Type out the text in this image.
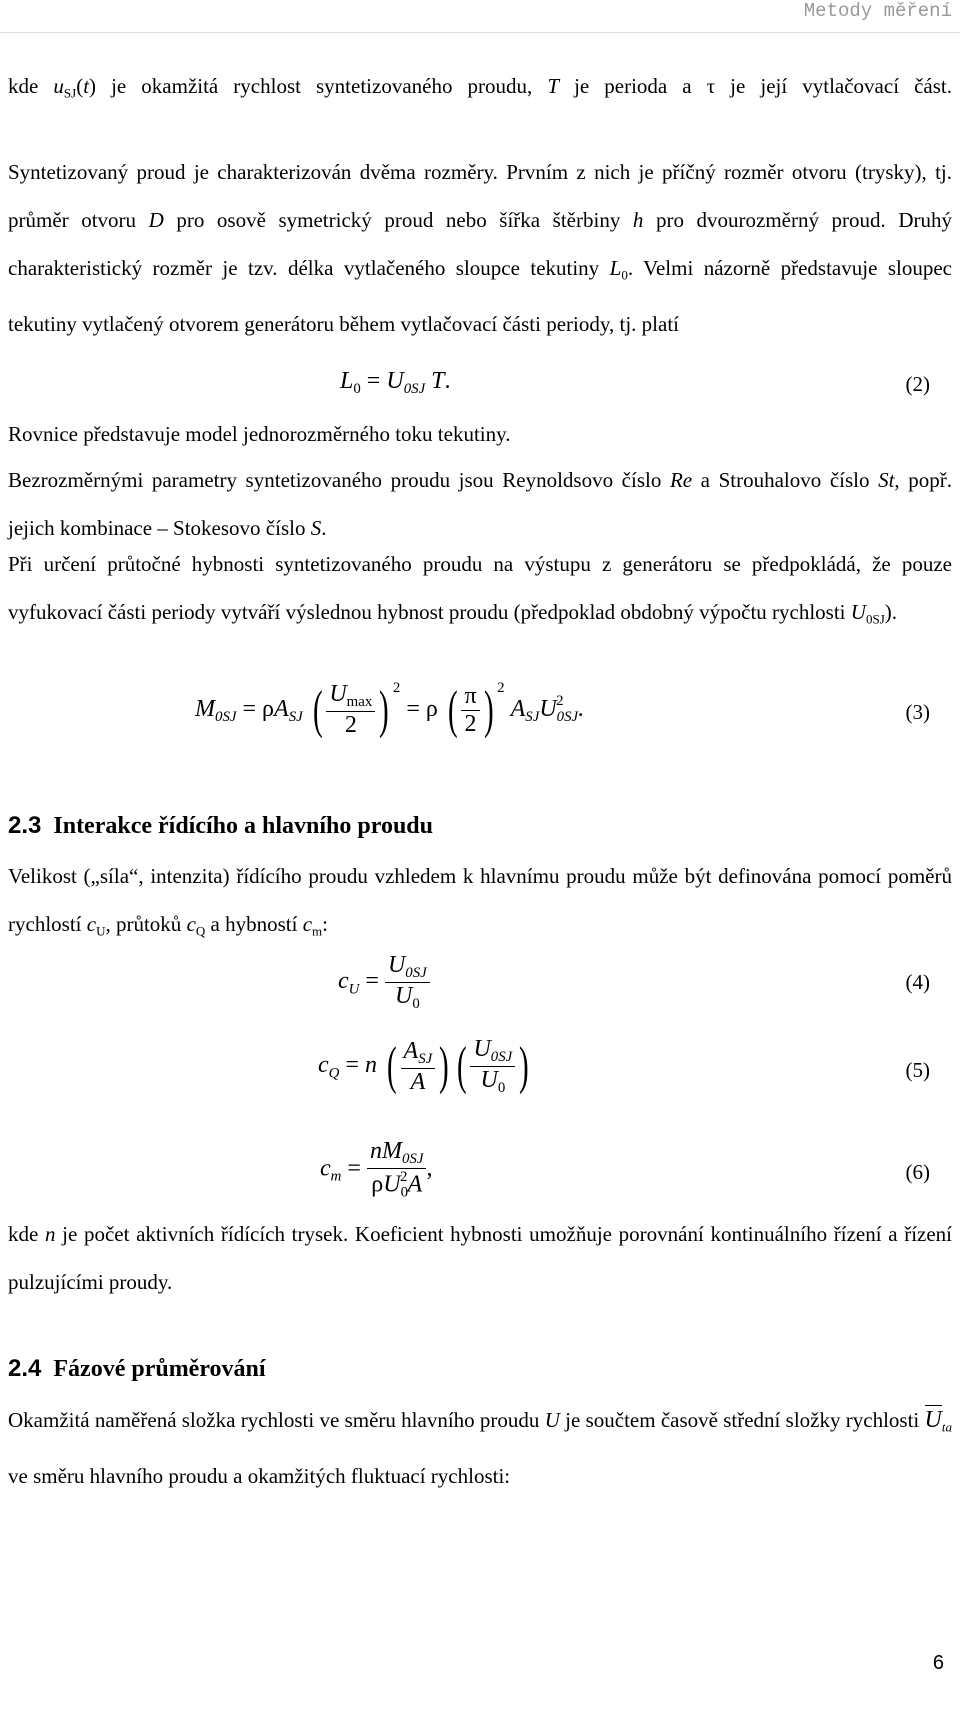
Metody měření
kde $u_{SJ}(t)$ je okamžitá rychlost syntetizovaného proudu, T je perioda a τ je její vytlačovací část.
Syntetizovaný proud je charakterizován dvěma rozměry. Prvním z nich je příčný rozměr otvoru (trysky), tj. průměr otvoru D pro osově symetrický proud nebo šířka štěrbiny h pro dvourozměrný proud. Druhý charakteristický rozměr je tzv. délka vytlačeného sloupce tekutiny $L_0$. Velmi názorně představuje sloupec tekutiny vytlačený otvorem generátoru během vytlačovací části periody, tj. platí
$L_0 = U_{0SJ}$ T.	(2)
Rovnice představuje model jednorozměrného toku tekutiny.
Bezrozměrnými parametry syntetizovaného proudu jsou Reynoldsovo číslo Re a Strouhalovo číslo St, popř. jejich kombinace – Stokesovo číslo S.
Při určení průtočné hybnosti syntetizovaného proudu na výstupu z generátoru se předpokládá, že pouze vyfukovací části periody vytváří výslednou hybnost proudu (předpoklad obdobný výpočtu rychlosti $U_{0SJ}$).
$M_{0SJ} = \rho A_{SJ}$ ( $\frac{U_{max}}{2}$ ) $^2$ = ρ ( $\frac{\pi}{2}$ ) $^2$ $A_{SJ}U_{0SJ}^2$ .	(3)
2.3 Interakce řídícího a hlavního proudu
Velikost („síla“, intenzita) řídícího proudu vzhledem k hlavnímu proudu může být definována pomocí poměrů rychlostí $c_U$, průtoků $c_Q$ a hybností $c_m$:
$c_U = \frac{U_{0SJ}}{U_0}$	(4)
$c_Q = n$ ( $\frac{A_{SJ}}{A}$ ) ( $\frac{U_{0SJ}}{U_0}$ )	(5)
$c_m = \frac{nM_{0SJ}}{\rho U_0^2A}$ ,	(6)
kde n je počet aktivních řídících trysek. Koeficient hybnosti umožňuje porovnání kontinuálního řízení a řízení pulzujícími proudy.
2.4 Fázové průměrování
Okamžitá naměřená složka rychlosti ve směru hlavního proudu U je součtem časově střední složky rychlosti $U_{ta}$ ve směru hlavního proudu a okamžitých fluktuací rychlosti:
6
